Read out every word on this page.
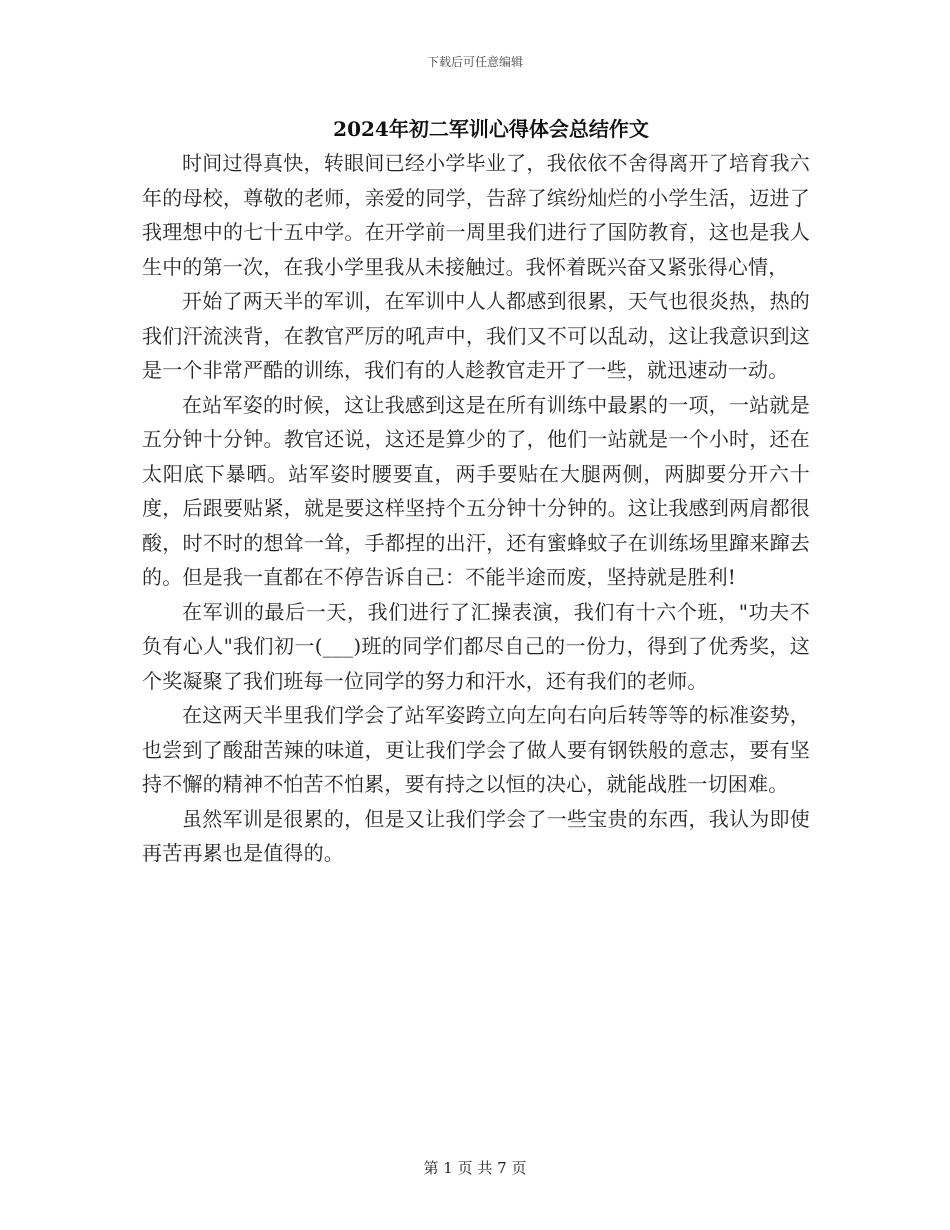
下载后可任意编辑
2024年初二军训心得体会总结作文

时间过得真快，转眼间已经小学毕业了，我依依不舍得离开了培育我六年的母校，尊敬的老师，亲爱的同学，告辞了缤纷灿烂的小学生活，迈进了我理想中的七十五中学。在开学前一周里我们进行了国防教育，这也是我人生中的第一次，在我小学里我从未接触过。我怀着既兴奋又紧张得心情，

开始了两天半的军训，在军训中人人都感到很累，天气也很炎热，热的我们汗流浃背，在教官严厉的吼声中，我们又不可以乱动，这让我意识到这是一个非常严酷的训练，我们有的人趁教官走开了一些，就迅速动一动。

在站军姿的时候，这让我感到这是在所有训练中最累的一项，一站就是五分钟十分钟。教官还说，这还是算少的了，他们一站就是一个小时，还在太阳底下暴晒。站军姿时腰要直，两手要贴在大腿两侧，两脚要分开六十度，后跟要贴紧，就是要这样坚持个五分钟十分钟的。这让我感到两肩都很酸，时不时的想耸一耸，手都捏的出汗，还有蜜蜂蚊子在训练场里蹿来蹿去的。但是我一直都在不停告诉自己：不能半途而废，坚持就是胜利!

在军训的最后一天，我们进行了汇操表演，我们有十六个班，"功夫不负有心人"我们初一(___)班的同学们都尽自己的一份力，得到了优秀奖，这个奖凝聚了我们班每一位同学的努力和汗水，还有我们的老师。

在这两天半里我们学会了站军姿跨立向左向右向后转等等的标准姿势，也尝到了酸甜苦辣的味道，更让我们学会了做人要有钢铁般的意志，要有坚持不懈的精神不怕苦不怕累，要有持之以恒的决心，就能战胜一切困难。

虽然军训是很累的，但是又让我们学会了一些宝贵的东西，我认为即使再苦再累也是值得的。

第 1 页 共 7 页
